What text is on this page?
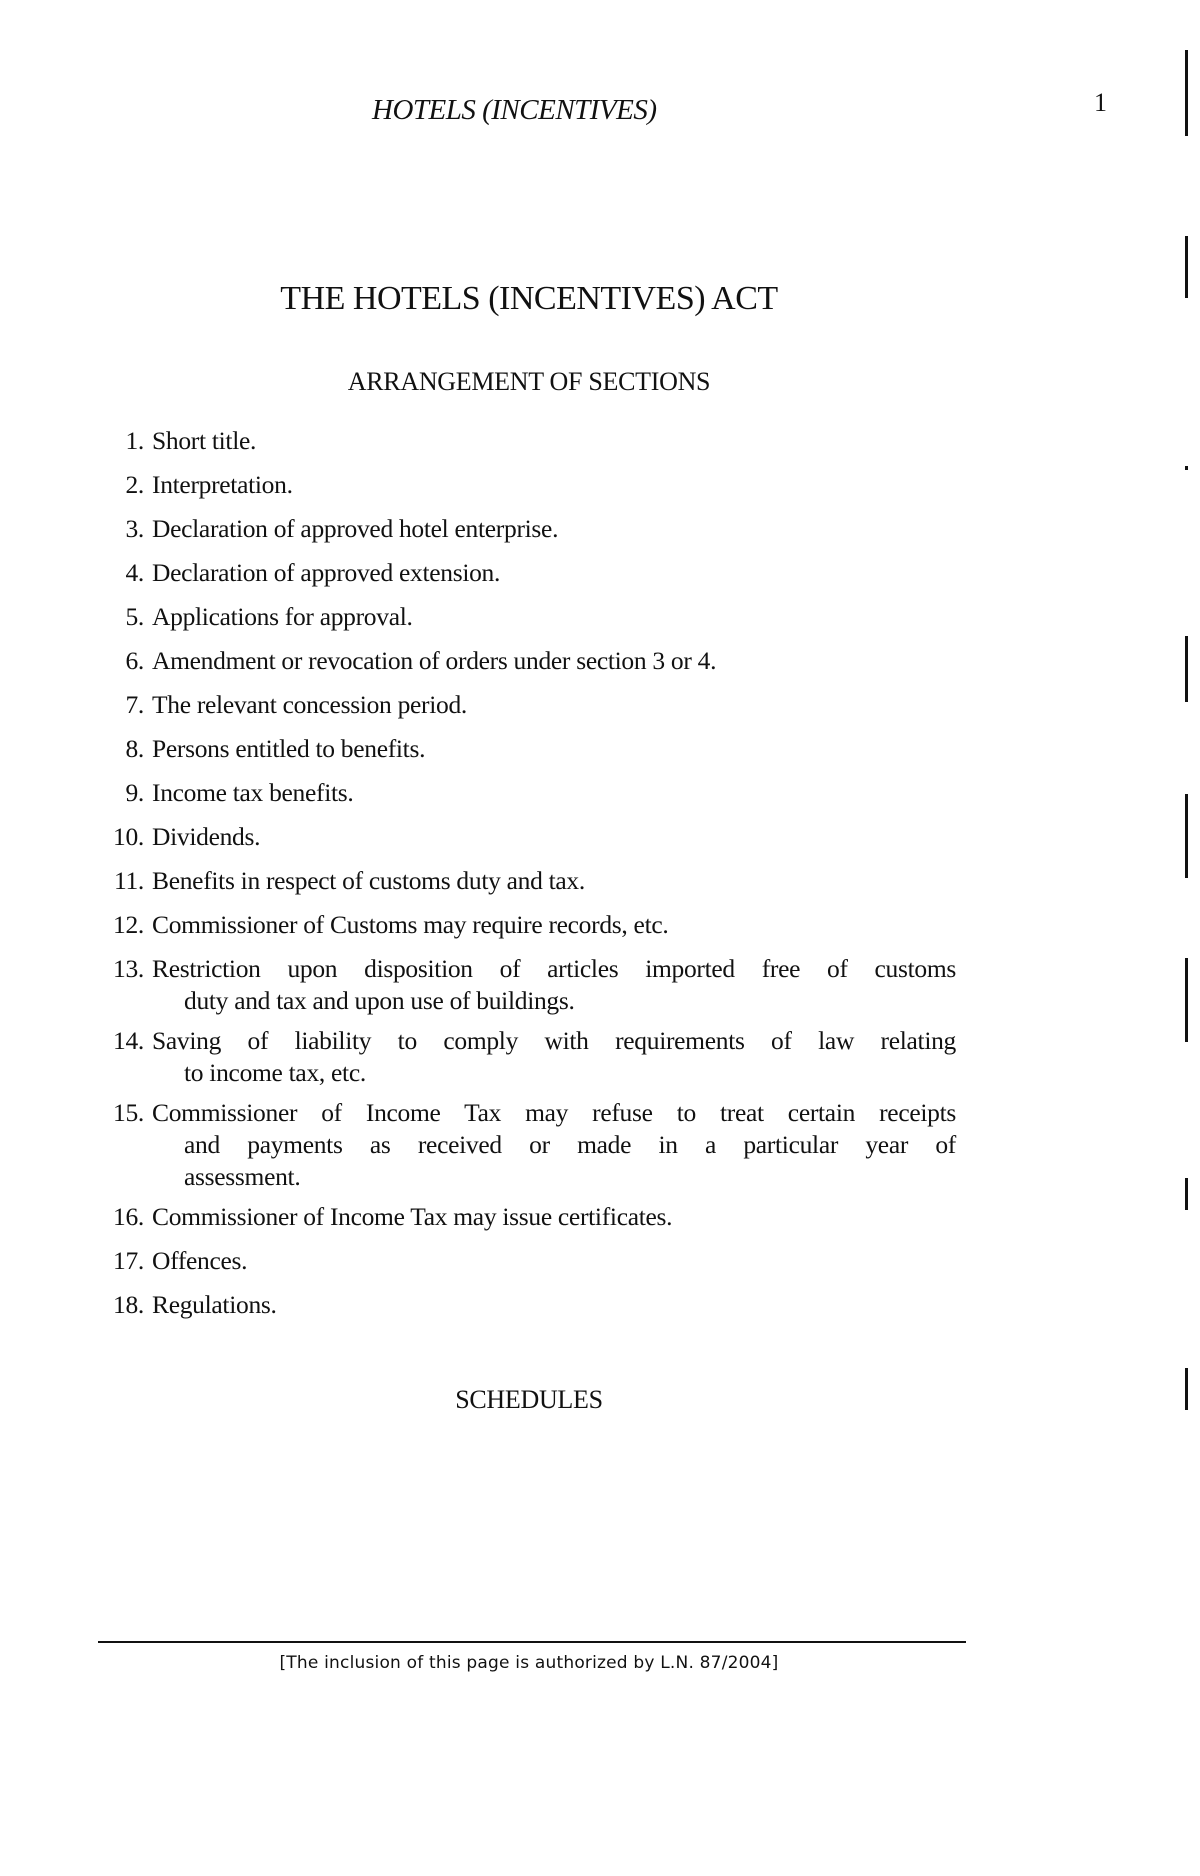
HOTELS (INCENTIVES)	1
THE HOTELS (INCENTIVES) ACT
ARRANGEMENT OF SECTIONS
1. Short title.
2. Interpretation.
3. Declaration of approved hotel enterprise.
4. Declaration of approved extension.
5. Applications for approval.
6. Amendment or revocation of orders under section 3 or 4.
7. The relevant concession period.
8. Persons entitled to benefits.
9. Income tax benefits.
10. Dividends.
11. Benefits in respect of customs duty and tax.
12. Commissioner of Customs may require records, etc.
13. Restriction upon disposition of articles imported free of customs
duty and tax and upon use of buildings.
14. Saving of liability to comply with requirements of law relating
to income tax, etc.
15. Commissioner of Income Tax may refuse to treat certain receipts
and payments as received or made in a particular year of
assessment.
16. Commissioner of Income Tax may issue certificates.
17. Offences.
18. Regulations.
SCHEDULES
[The inclusion of this page is authorized by L.N. 87/2004]
